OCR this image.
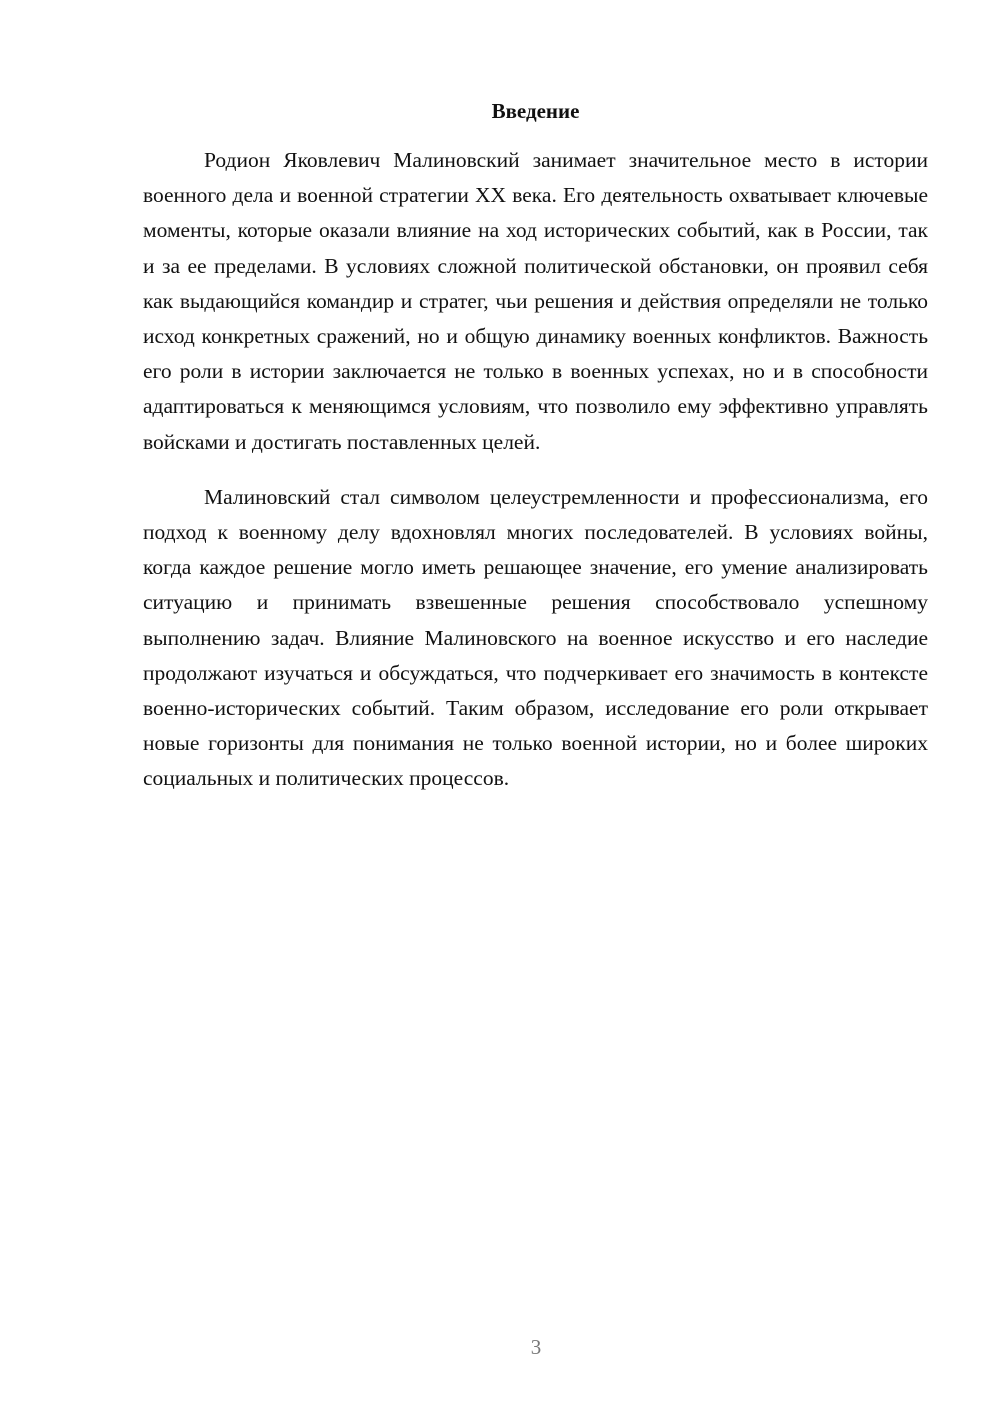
Введение

Родион Яковлевич Малиновский занимает значительное место в истории военного дела и военной стратегии XX века. Его деятельность охватывает ключевые моменты, которые оказали влияние на ход исторических событий, как в России, так и за ее пределами. В условиях сложной политической обстановки, он проявил себя как выдающийся командир и стратег, чьи решения и действия определяли не только исход конкретных сражений, но и общую динамику военных конфликтов. Важность его роли в истории заключается не только в военных успехах, но и в способности адаптироваться к меняющимся условиям, что позволило ему эффективно управлять войсками и достигать поставленных целей.

Малиновский стал символом целеустремленности и профессионализма, его подход к военному делу вдохновлял многих последователей. В условиях войны, когда каждое решение могло иметь решающее значение, его умение анализировать ситуацию и принимать взвешенные решения способствовало успешному выполнению задач. Влияние Малиновского на военное искусство и его наследие продолжают изучаться и обсуждаться, что подчеркивает его значимость в контексте военно-исторических событий. Таким образом, исследование его роли открывает новые горизонты для понимания не только военной истории, но и более широких социальных и политических процессов.

3
